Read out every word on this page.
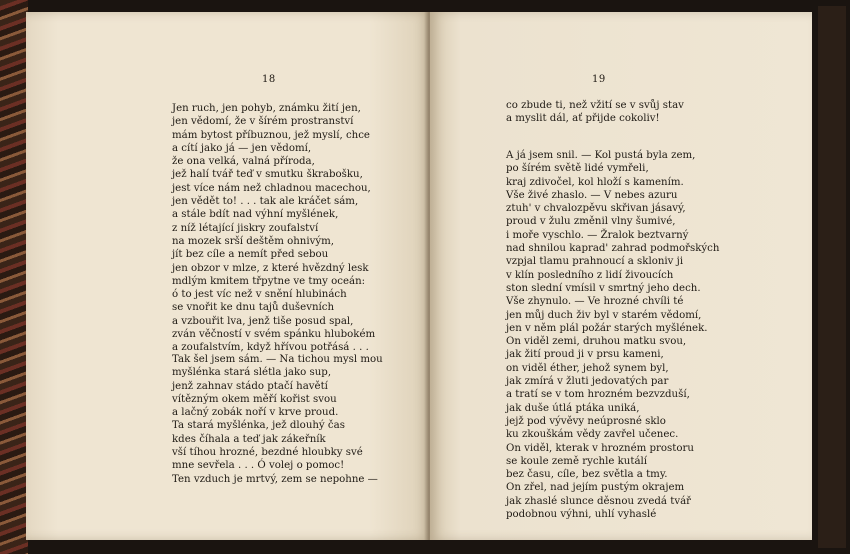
18
Jen ruch, jen pohyb, známku žití jen,
jen vědomí, že v šírém prostranství
mám bytost příbuznou, jež myslí, chce
a cítí jako já — jen vědomí,
že ona velká, valná příroda,
jež halí tvář teď v smutku škrabošku,
jest více nám než chladnou macechou,
jen vědět to! . . . tak ale kráčet sám,
a stále bdít nad výhní myšlének,
z níž létající jiskry zoufalství
na mozek srší deštěm ohnivým,
jít bez cíle a nemít před sebou
jen obzor v mlze, z které hvězdný lesk
mdlým kmitem třpytne ve tmy oceán:
ó to jest víc než v snění hlubinách
se vnořit ke dnu tajů duševních
a vzbouřit lva, jenž tiše posud spal,
zván věčností v svém spánku hlubokém
a zoufalstvím, když hřívou potřásá . . .
Tak šel jsem sám. — Na tichou mysl mou
myšlénka stará slétla jako sup,
jenž zahnav stádo ptačí havětí
vítězným okem měří kořist svou
a lačný zobák noří v krve proud.
Ta stará myšlénka, jež dlouhý čas
kdes číhala a teď jak zákeřník
vší tíhou hrozné, bezdné hloubky své
mne sevřela . . . Ó volej o pomoc!
Ten vzduch je mrtvý, zem se nepohne —
19
co zbude ti, než vžití se v svůj stav
a myslit dál, ať přijde cokoliv!
A já jsem snil. — Kol pustá byla zem,
po šírém světě lidé vymřeli,
kraj zdivočel, kol hloží s kamením.
Vše živé zhaslo. — V nebes azuru
ztuh' v chvalozpěvu skřivan jásavý,
proud v žulu změnil vlny šumivé,
i moře vyschlo. — Žralok beztvarný
nad shnilou kaprad' zahrad podmořských
vzpjal tlamu prahnoucí a skloniv ji
v klín posledního z lidí živoucích
ston slední vmísil v smrtný jeho dech.
Vše zhynulo. — Ve hrozné chvíli té
jen můj duch živ byl v starém vědomí,
jen v něm plál požár starých myšlének.
On viděl zemi, druhou matku svou,
jak žití proud ji v prsu kameni,
on viděl éther, jehož synem byl,
jak zmírá v žluti jedovatých par
a tratí se v tom hrozném bezvzduší,
jak duše útlá ptáka uniká,
jejž pod vývěvy neúprosné sklo
ku zkouškám vědy zavřel učenec.
On viděl, kterak v hrozném prostoru
se koule země rychle kutálí
bez času, cíle, bez světla a tmy.
On zřel, nad jejím pustým okrajem
jak zhaslé slunce děsnou zvedá tvář
podobnou výhni, uhlí vyhaslé
